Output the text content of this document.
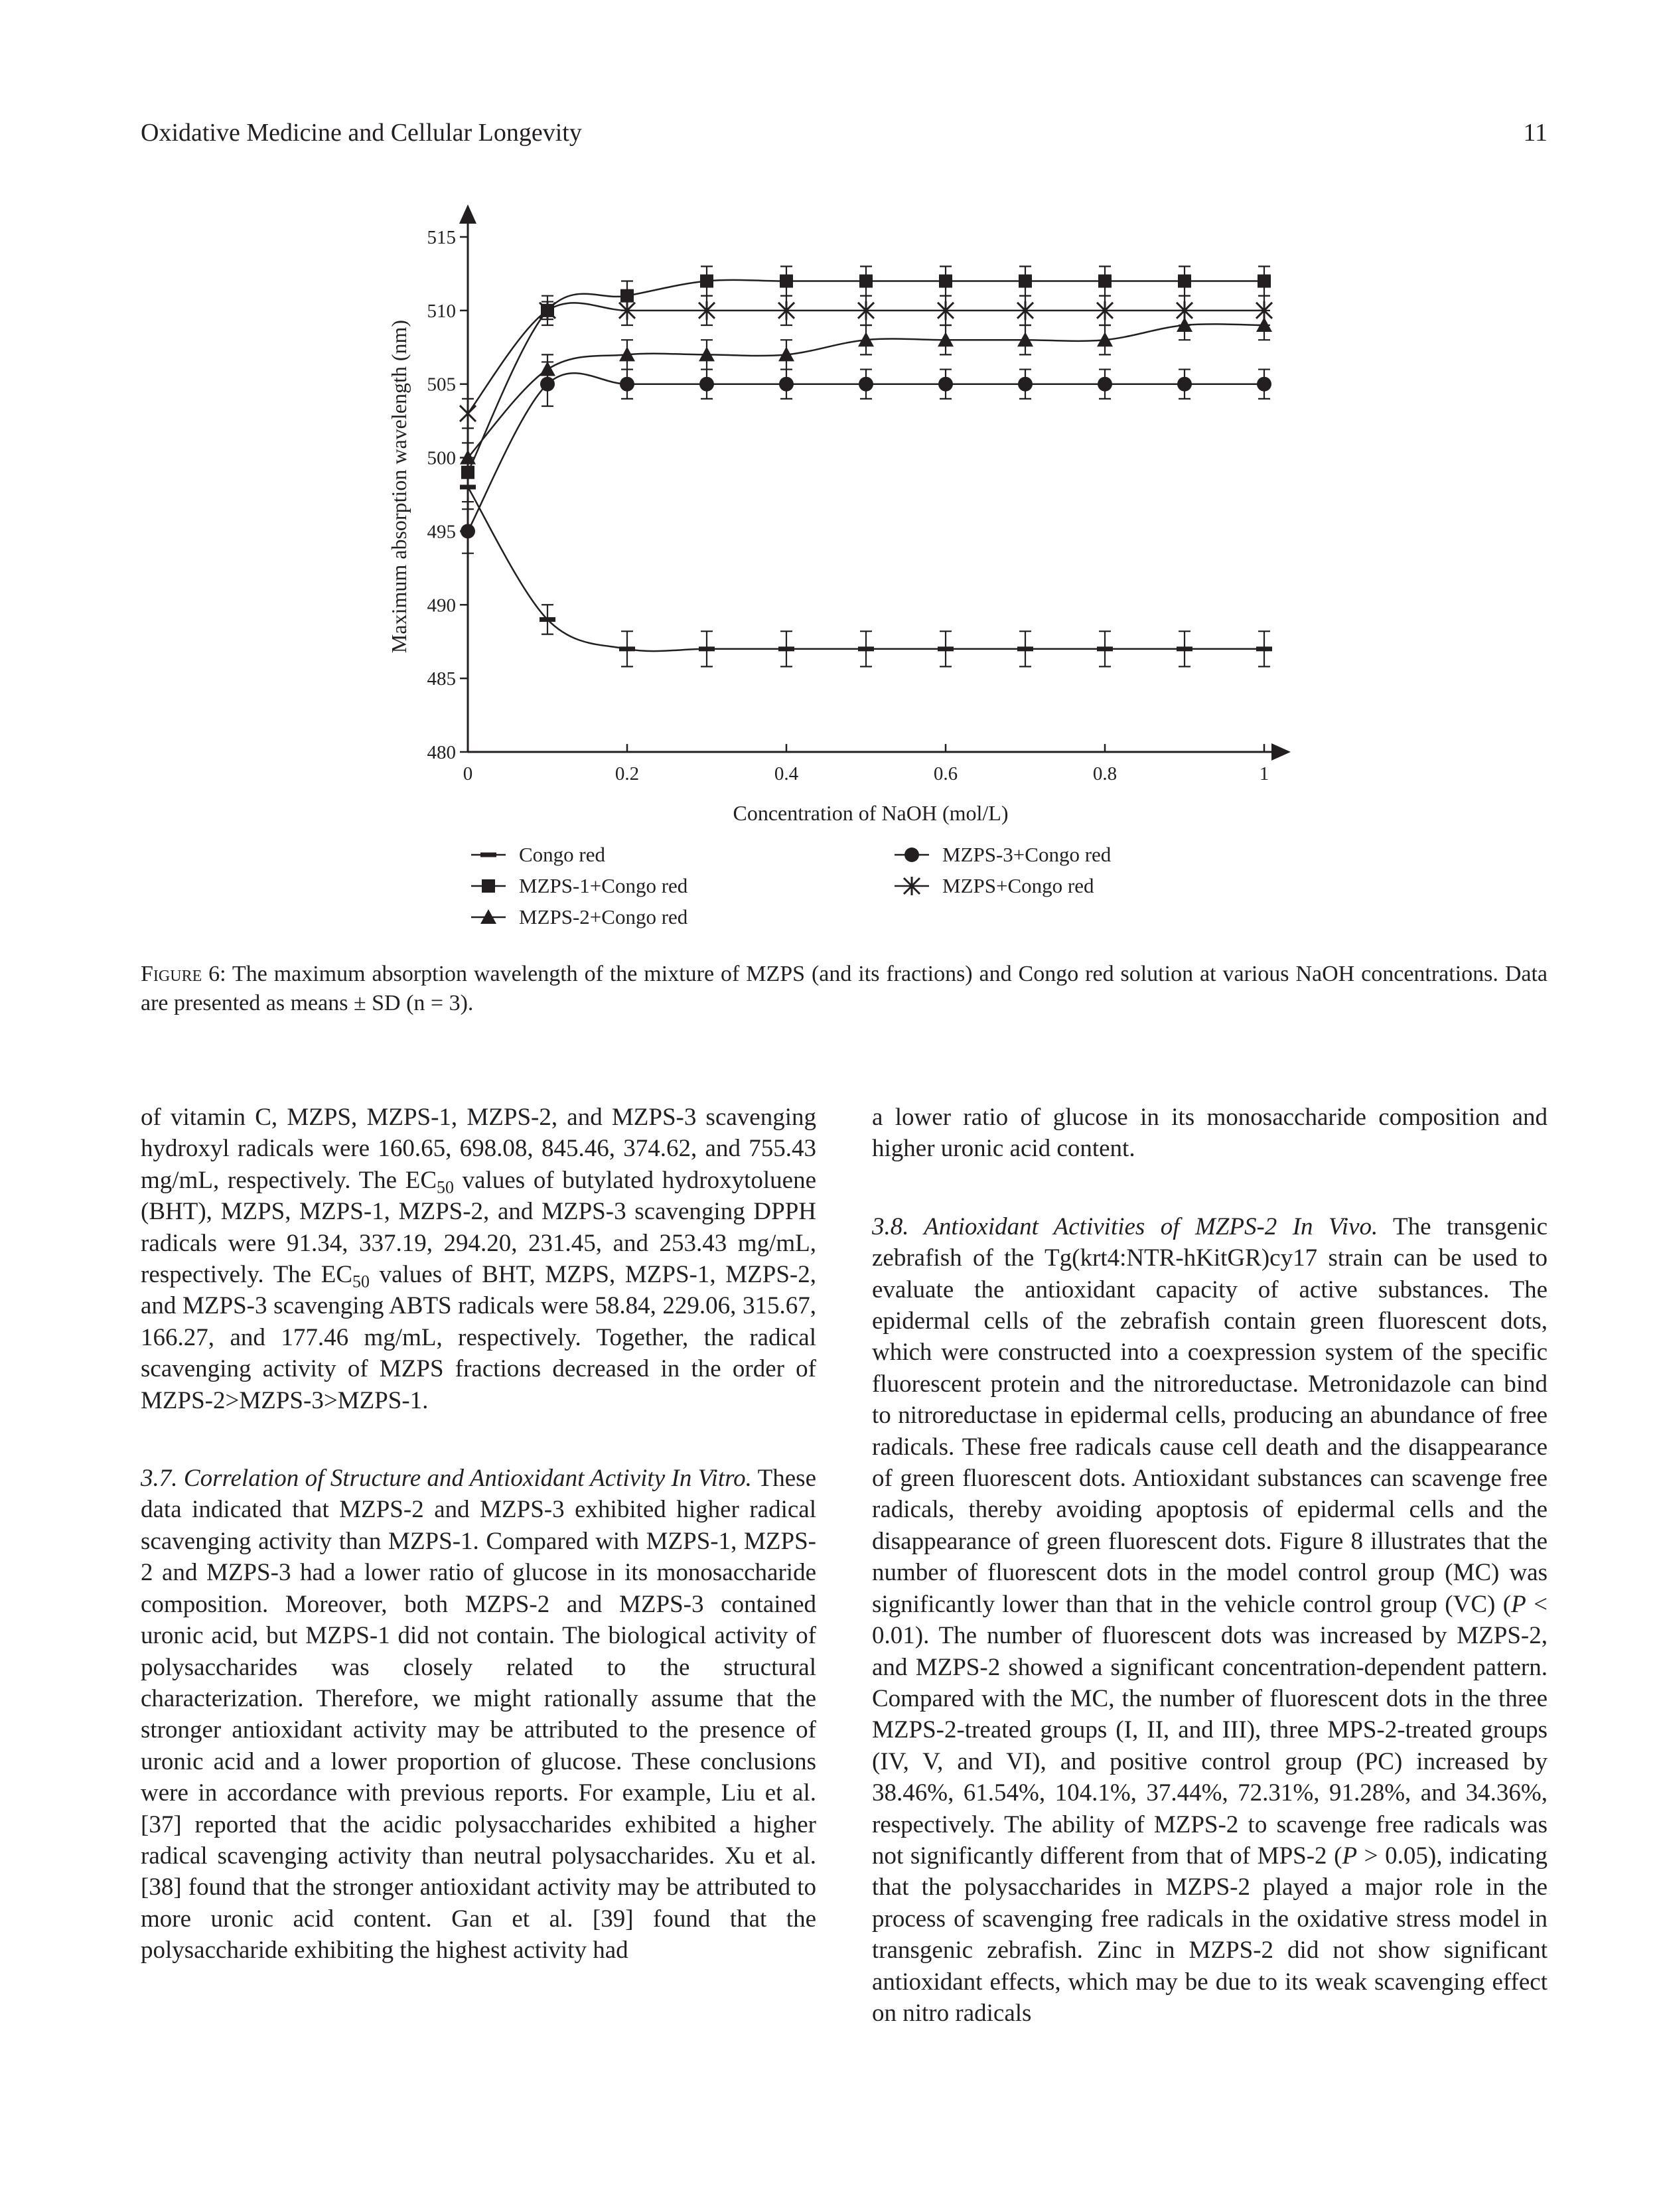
Oxidative Medicine and Cellular Longevity	11
480
485
490
495
500
505
510
515
0	0.2	0.4	0.6	0.8	1
Maximum absorption wavelength (nm)
Concentration of NaOH (mol/L)
Congo red
MZPS-1+Congo red
MZPS-2+Congo red
MZPS-3+Congo red
MZPS+Congo red
Figure 6: The maximum absorption wavelength of the mixture of MZPS (and its fractions) and Congo red solution at various NaOH concentrations. Data are presented as means ± SD (n = 3).

of vitamin C, MZPS, MZPS-1, MZPS-2, and MZPS-3 scavenging hydroxyl radicals were 160.65, 698.08, 845.46, 374.62, and 755.43 mg/mL, respectively. The $EC_{50}$ values of butylated hydroxytoluene (BHT), MZPS, MZPS-1, MZPS-2, and MZPS-3 scavenging DPPH radicals were 91.34, 337.19, 294.20, 231.45, and 253.43 mg/mL, respectively. The $EC_{50}$ values of BHT, MZPS, MZPS-1, MZPS-2, and MZPS-3 scavenging ABTS radicals were 58.84, 229.06, 315.67, 166.27, and 177.46 mg/mL, respectively. Together, the radical scavenging activity of MZPS fractions decreased in the order of MZPS-2>MZPS-3>MZPS-1.

3.7. Correlation of Structure and Antioxidant Activity In Vitro. These data indicated that MZPS-2 and MZPS-3 exhibited higher radical scavenging activity than MZPS-1. Compared with MZPS-1, MZPS-2 and MZPS-3 had a lower ratio of glucose in its monosaccharide composition. Moreover, both MZPS-2 and MZPS-3 contained uronic acid, but MZPS-1 did not contain. The biological activity of polysaccharides was closely related to the structural characterization. Therefore, we might rationally assume that the stronger antioxidant activity may be attributed to the presence of uronic acid and a lower proportion of glucose. These conclusions were in accordance with previous reports. For example, Liu et al. [37] reported that the acidic polysaccharides exhibited a higher radical scavenging activity than neutral polysaccharides. Xu et al. [38] found that the stronger antioxidant activity may be attributed to more uronic acid content. Gan et al. [39] found that the polysaccharide exhibiting the highest activity had

a lower ratio of glucose in its monosaccharide composition and higher uronic acid content.

3.8. Antioxidant Activities of MZPS-2 In Vivo. The transgenic zebrafish of the Tg(krt4:NTR-hKitGR)cy17 strain can be used to evaluate the antioxidant capacity of active substances. The epidermal cells of the zebrafish contain green fluorescent dots, which were constructed into a coexpression system of the specific fluorescent protein and the nitroreductase. Metronidazole can bind to nitroreductase in epidermal cells, producing an abundance of free radicals. These free radicals cause cell death and the disappearance of green fluorescent dots. Antioxidant substances can scavenge free radicals, thereby avoiding apoptosis of epidermal cells and the disappearance of green fluorescent dots. Figure 8 illustrates that the number of fluorescent dots in the model control group (MC) was significantly lower than that in the vehicle control group (VC) (P < 0.01). The number of fluorescent dots was increased by MZPS-2, and MZPS-2 showed a significant concentration-dependent pattern. Compared with the MC, the number of fluorescent dots in the three MZPS-2-treated groups (I, II, and III), three MPS-2-treated groups (IV, V, and VI), and positive control group (PC) increased by 38.46%, 61.54%, 104.1%, 37.44%, 72.31%, 91.28%, and 34.36%, respectively. The ability of MZPS-2 to scavenge free radicals was not significantly different from that of MPS-2 (P > 0.05), indicating that the polysaccharides in MZPS-2 played a major role in the process of scavenging free radicals in the oxidative stress model in transgenic zebrafish. Zinc in MZPS-2 did not show significant antioxidant effects, which may be due to its weak scavenging effect on nitro radicals
